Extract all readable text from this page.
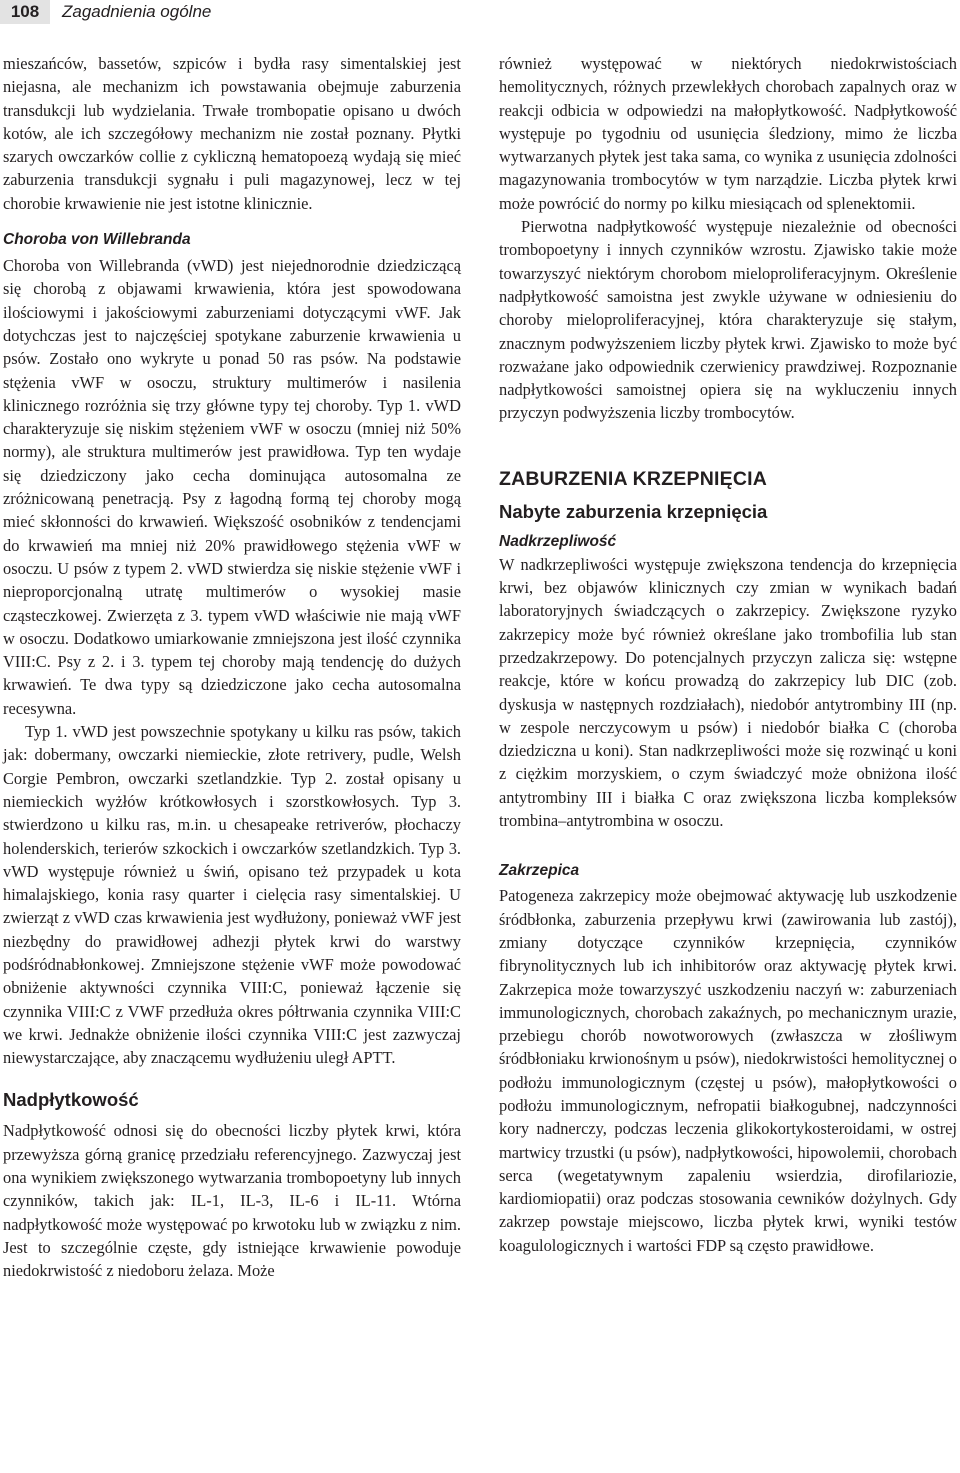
108	Zagadnienia ogólne

mieszańców, bassetów, szpiców i bydła rasy simentalskiej jest niejasna, ale mechanizm ich powstawania obejmuje zaburzenia transdukcji lub wydzielania. Trwałe trombopatie opisano u dwóch kotów, ale ich szczegółowy mechanizm nie został poznany. Płytki szarych owczarków collie z cykliczną hematopoezą wydają się mieć zaburzenia transdukcji sygnału i puli magazynowej, lecz w tej chorobie krwawienie nie jest istotne klinicznie.

Choroba von Willebranda

Choroba von Willebranda (vWD) jest niejednorodnie dziedziczącą się chorobą z objawami krwawienia, która jest spowodowana ilościowymi i jakościowymi zaburzeniami dotyczącymi vWF. Jak dotychczas jest to najczęściej spotykane zaburzenie krwawienia u psów. Zostało ono wykryte u ponad 50 ras psów. Na podstawie stężenia vWF w osoczu, struktury multimerów i nasilenia klinicznego rozróżnia się trzy główne typy tej choroby. Typ 1. vWD charakteryzuje się niskim stężeniem vWF w osoczu (mniej niż 50% normy), ale struktura multimerów jest prawidłowa. Typ ten wydaje się dziedziczony jako cecha dominująca autosomalna ze zróżnicowaną penetracją. Psy z łagodną formą tej choroby mogą mieć skłonności do krwawień. Większość osobników z tendencjami do krwawień ma mniej niż 20% prawidłowego stężenia vWF w osoczu. U psów z typem 2. vWD stwierdza się niskie stężenie vWF i nieproporcjonalną utratę multimerów o wysokiej masie cząsteczkowej. Zwierzęta z 3. typem vWD właściwie nie mają vWF w osoczu. Dodatkowo umiarkowanie zmniejszona jest ilość czynnika VIII:C. Psy z 2. i 3. typem tej choroby mają tendencję do dużych krwawień. Te dwa typy są dziedziczone jako cecha autosomalna recesywna.

Typ 1. vWD jest powszechnie spotykany u kilku ras psów, takich jak: dobermany, owczarki niemieckie, złote retrivery, pudle, Welsh Corgie Pembron, owczarki szetlandzkie. Typ 2. został opisany u niemieckich wyżłów krótkowłosych i szorstkowłosych. Typ 3. stwierdzono u kilku ras, m.in. u chesapeake retriverów, płochaczy holenderskich, terierów szkockich i owczarków szetlandzkich. Typ 3. vWD występuje również u świń, opisano też przypadek u kota himalajskiego, konia rasy quarter i cielęcia rasy simentalskiej. U zwierząt z vWD czas krwawienia jest wydłużony, ponieważ vWF jest niezbędny do prawidłowej adhezji płytek krwi do warstwy podśródnabłonkowej. Zmniejszone stężenie vWF może powodować obniżenie aktywności czynnika VIII:C, ponieważ łączenie się czynnika VIII:C z VWF przedłuża okres półtrwania czynnika VIII:C we krwi. Jednakże obniżenie ilości czynnika VIII:C jest zazwyczaj niewystarczające, aby znaczącemu wydłużeniu uległ APTT.

Nadpłytkowość

Nadpłytkowość odnosi się do obecności liczby płytek krwi, która przewyższa górną granicę przedziału referencyjnego. Zazwyczaj jest ona wynikiem zwiększonego wytwarzania trombopoetyny lub innych czynników, takich jak: IL-1, IL-3, IL-6 i IL-11. Wtórna nadpłytkowość może występować po krwotoku lub w związku z nim. Jest to szczególnie częste, gdy istniejące krwawienie powoduje niedokrwistość z niedoboru żelaza. Może

również występować w niektórych niedokrwistościach hemolitycznych, różnych przewlekłych chorobach zapalnych oraz w reakcji odbicia w odpowiedzi na małopłytkowość. Nadpłytkowość występuje po tygodniu od usunięcia śledziony, mimo że liczba wytwarzanych płytek jest taka sama, co wynika z usunięcia zdolności magazynowania trombocytów w tym narządzie. Liczba płytek krwi może powrócić do normy po kilku miesiącach od splenektomii.

Pierwotna nadpłytkowość występuje niezależnie od obecności trombopoetyny i innych czynników wzrostu. Zjawisko takie może towarzyszyć niektórym chorobom mieloproliferacyjnym. Określenie nadpłytkowość samoistna jest zwykle używane w odniesieniu do choroby mieloproliferacyjnej, która charakteryzuje się stałym, znacznym podwyższeniem liczby płytek krwi. Zjawisko to może być rozważane jako odpowiednik czerwienicy prawdziwej. Rozpoznanie nadpłytkowości samoistnej opiera się na wykluczeniu innych przyczyn podwyższenia liczby trombocytów.

ZABURZENIA KRZEPNIĘCIA
Nabyte zaburzenia krzepnięcia
Nadkrzepliwość

W nadkrzepliwości występuje zwiększona tendencja do krzepnięcia krwi, bez objawów klinicznych czy zmian w wynikach badań laboratoryjnych świadczących o zakrzepicy. Zwiększone ryzyko zakrzepicy może być również określane jako trombofilia lub stan przedzakrzepowy. Do potencjalnych przyczyn zalicza się: wstępne reakcje, które w końcu prowadzą do zakrzepicy lub DIC (zob. dyskusja w następnych rozdziałach), niedobór antytrombiny III (np. w zespole nerczycowym u psów) i niedobór białka C (choroba dziedziczna u koni). Stan nadkrzepliwości może się rozwinąć u koni z ciężkim morzyskiem, o czym świadczyć może obniżona ilość antytrombiny III i białka C oraz zwiększona liczba kompleksów trombina–antytrombina w osoczu.

Zakrzepica

Patogeneza zakrzepicy może obejmować aktywację lub uszkodzenie śródbłonka, zaburzenia przepływu krwi (zawirowania lub zastój), zmiany dotyczące czynników krzepnięcia, czynników fibrynolitycznych lub ich inhibitorów oraz aktywację płytek krwi. Zakrzepica może towarzyszyć uszkodzeniu naczyń w: zaburzeniach immunologicznych, chorobach zakaźnych, po mechanicznym urazie, przebiegu chorób nowotworowych (zwłaszcza w złośliwym śródbłoniaku krwionośnym u psów), niedokrwistości hemolitycznej o podłożu immunologicznym (częstej u psów), małopłytkowości o podłożu immunologicznym, nefropatii białkogubnej, nadczynności kory nadnerczy, podczas leczenia glikokortykosteroidami, w ostrej martwicy trzustki (u psów), nadpłytkowości, hipowolemii, chorobach serca (wegetatywnym zapaleniu wsierdzia, dirofilariozie, kardiomiopatii) oraz podczas stosowania cewników dożylnych. Gdy zakrzep powstaje miejscowo, liczba płytek krwi, wyniki testów koagulologicznych i wartości FDP są często prawidłowe.
